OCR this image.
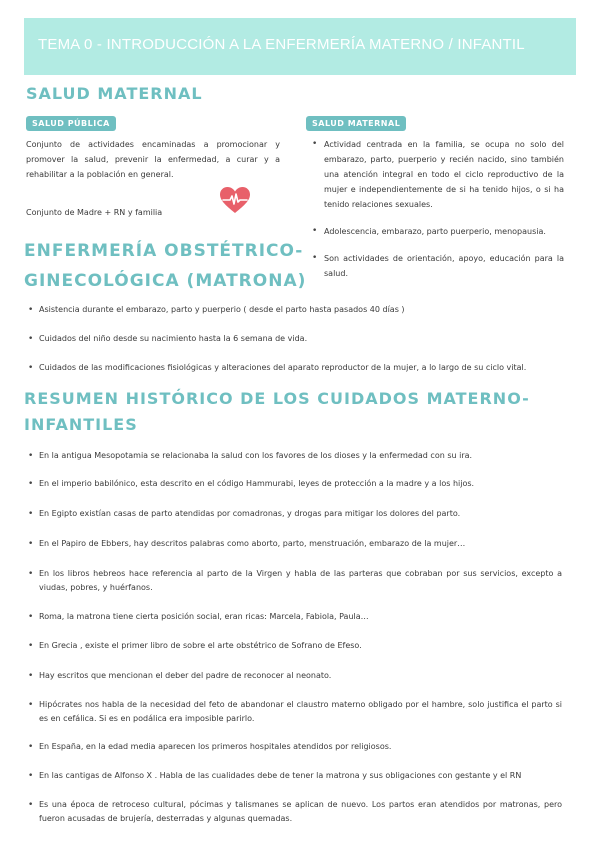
TEMA 0 - INTRODUCCIÓN A LA ENFERMERÍA MATERNO / INFANTIL
SALUD MATERNAL
SALUD PÚBLICA	SALUD MATERNAL
Conjunto de actividades encaminadas a promocionar y promover la salud, prevenir la enfermedad, a curar y a rehabilitar a la población en general.
Conjunto de Madre + RN y familia
• Actividad centrada en la familia, se ocupa no solo del embarazo, parto, puerperio y recién nacido, sino también una atención integral en todo el ciclo reproductivo de la mujer e independientemente de si ha tenido hijos, o si ha tenido relaciones sexuales.
• Adolescencia, embarazo, parto puerperio, menopausia.
• Son actividades de orientación, apoyo, educación para la salud.
ENFERMERÍA OBSTÉTRICO-
GINECOLÓGICA (MATRONA)
• Asistencia durante el embarazo, parto y puerperio ( desde el parto hasta pasados 40 días )
• Cuidados del niño desde su nacimiento hasta la 6 semana de vida.
• Cuidados de las modificaciones fisiológicas y alteraciones del aparato reproductor de la mujer, a lo largo de su ciclo vital.
RESUMEN HISTÓRICO DE LOS CUIDADOS MATERNO-
INFANTILES
• En la antigua Mesopotamia se relacionaba la salud con los favores de los dioses y la enfermedad con su ira.
• En el imperio babilónico, esta descrito en el código Hammurabi, leyes de protección a la madre y a los hijos.
• En Egipto existían casas de parto atendidas por comadronas, y drogas para mitigar los dolores del parto.
• En el Papiro de Ebbers, hay descritos palabras como aborto, parto, menstruación, embarazo de la mujer…
• En los libros hebreos hace referencia al parto de la Virgen y habla de las parteras que cobraban por sus servicios, excepto a viudas, pobres, y huérfanos.
• Roma, la matrona tiene cierta posición social, eran ricas: Marcela, Fabiola, Paula…
• En Grecia , existe el primer libro de sobre el arte obstétrico de Sofrano de Efeso.
• Hay escritos que mencionan el deber del padre de reconocer al neonato.
• Hipócrates nos habla de la necesidad del feto de abandonar el claustro materno obligado por el hambre, solo justifica el parto si es en cefálica. Si es en podálica era imposible parirlo.
• En España, en la edad media aparecen los primeros hospitales atendidos por religiosos.
• En las cantigas de Alfonso X . Habla de las cualidades debe de tener la matrona y sus obligaciones con gestante y el RN
• Es una época de retroceso cultural, pócimas y talismanes se aplican de nuevo. Los partos eran atendidos por matronas, pero fueron acusadas de brujería, desterradas y algunas quemadas.
